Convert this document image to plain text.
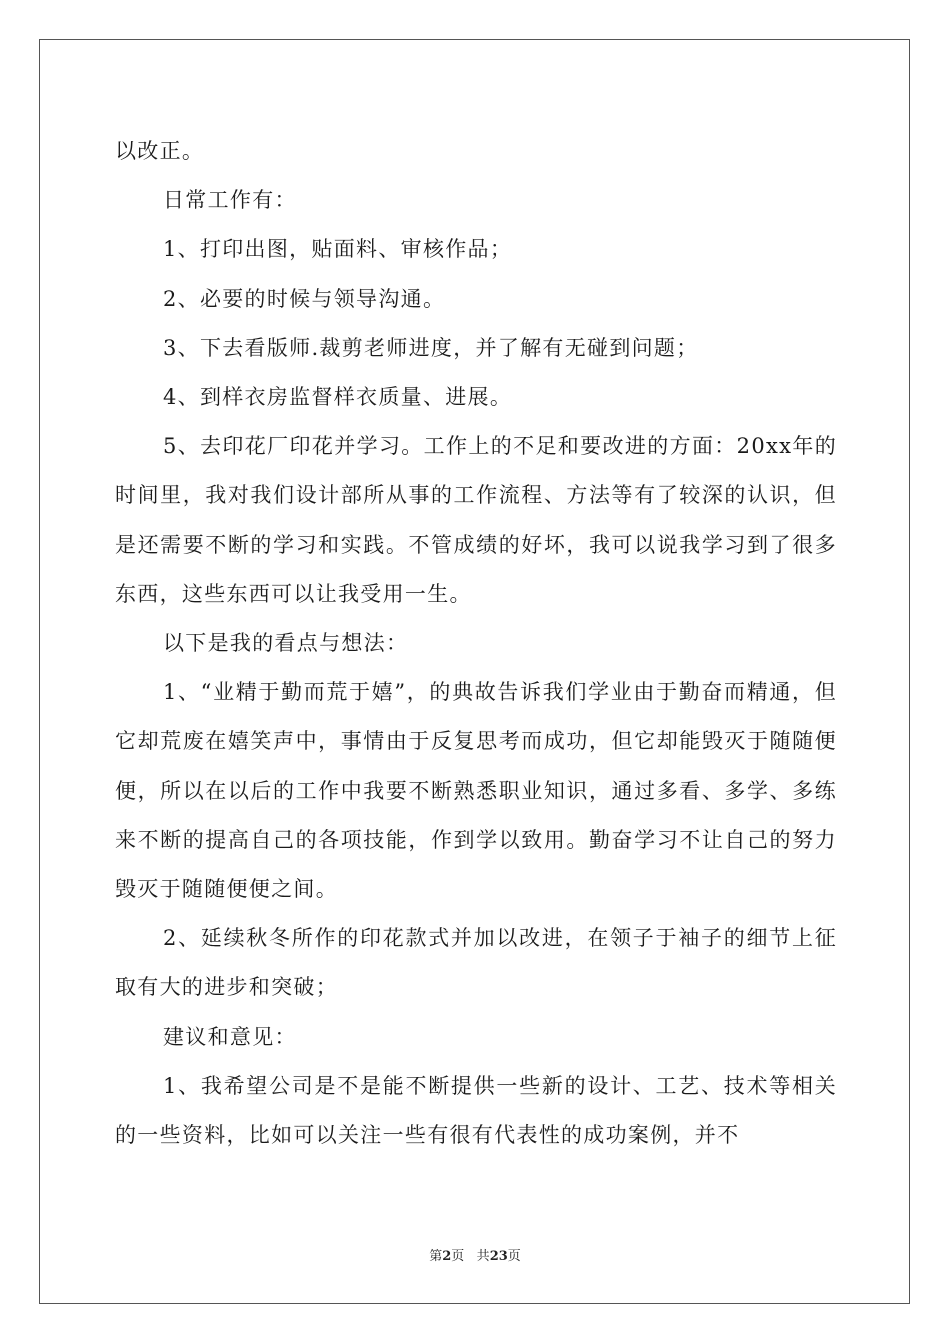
以改正。

日常工作有：

1、打印出图，贴面料、审核作品；

2、必要的时候与领导沟通。

3、下去看版师.裁剪老师进度，并了解有无碰到问题；

4、到样衣房监督样衣质量、进展。

5、去印花厂印花并学习。工作上的不足和要改进的方面：20xx年的时间里，我对我们设计部所从事的工作流程、方法等有了较深的认识，但是还需要不断的学习和实践。不管成绩的好坏，我可以说我学习到了很多东西，这些东西可以让我受用一生。

以下是我的看点与想法：

1、“业精于勤而荒于嬉”，的典故告诉我们学业由于勤奋而精通，但它却荒废在嬉笑声中，事情由于反复思考而成功，但它却能毁灭于随随便便，所以在以后的工作中我要不断熟悉职业知识，通过多看、多学、多练来不断的提高自己的各项技能，作到学以致用。勤奋学习不让自己的努力毁灭于随随便便之间。

2、延续秋冬所作的印花款式并加以改进，在领子于袖子的细节上征取有大的进步和突破；

建议和意见：

1、我希望公司是不是能不断提供一些新的设计、工艺、技术等相关的一些资料，比如可以关注一些有很有代表性的成功案例，并不

第2页 共23页
